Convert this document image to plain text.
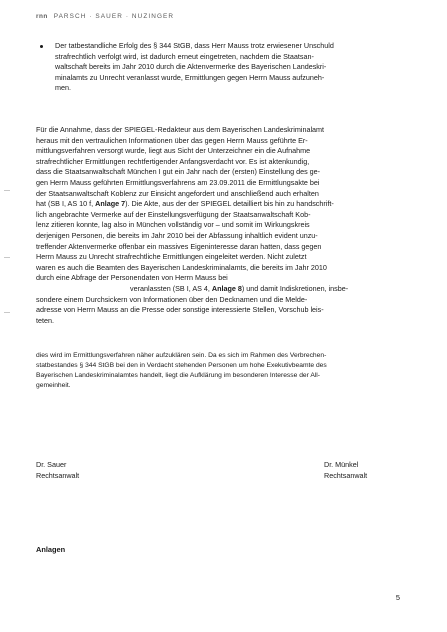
rnn PARSCH · SAUER · NUZINGER
Der tatbestandliche Erfolg des § 344 StGB, dass Herr Mauss trotz erwiesener Unschuld
strafrechtlich verfolgt wird, ist dadurch erneut eingetreten, nachdem die Staatsan-
waltschaft bereits im Jahr 2010 durch die Aktenvermerke des Bayerischen Landeskri-
minalamts zu Unrecht veranlasst wurde, Ermittlungen gegen Herrn Mauss aufzuneh-
men.
Für die Annahme, dass der SPIEGEL-Redakteur aus dem Bayerischen Landeskriminalamt
heraus mit den vertraulichen Informationen über das gegen Herrn Mauss geführte Er-
mittlungsverfahren versorgt wurde, liegt aus Sicht der Unterzeichner ein die Aufnahme
strafrechtlicher Ermittlungen rechtfertigender Anfangsverdacht vor. Es ist aktenkundig,
dass die Staatsanwaltschaft München I gut ein Jahr nach der (ersten) Einstellung des ge-
gen Herrn Mauss geführten Ermittlungsverfahrens am 23.09.2011 die Ermittlungsakte bei
der Staatsanwaltschaft Koblenz zur Einsicht angefordert und anschließend auch erhalten
hat (SB I, AS 10 f, Anlage 7). Die Akte, aus der der SPIEGEL detailliert bis hin zu handschrift-
lich angebrachte Vermerke auf der Einstellungsverfügung der Staatsanwaltschaft Kob-
lenz zitieren konnte, lag also in München vollständig vor – und somit im Wirkungskreis
derjenigen Personen, die bereits im Jahr 2010 bei der Abfassung inhaltlich evident unzu-
treffender Aktenvermerke offenbar ein massives Eigeninteresse daran hatten, dass gegen
Herrn Mauss zu Unrecht strafrechtliche Ermittlungen eingeleitet werden. Nicht zuletzt
waren es auch die Beamten des Bayerischen Landeskriminalamts, die bereits im Jahr 2010
durch eine Abfrage der Personendaten von Herrn Mauss bei
veranlassten (SB I, AS 4, Anlage 8) und damit Indiskretionen, insbe-
sondere einem Durchsickern von Informationen über den Decknamen und die Melde-
adresse von Herrn Mauss an die Presse oder sonstige interessierte Stellen, Vorschub leis-
teten.
dies wird im Ermittlungsverfahren näher aufzuklären sein. Da es sich im Rahmen des Verbrechen-
statbestandes § 344 StGB bei den in Verdacht stehenden Personen um hohe Exekutivbeamte des
Bayerischen Landeskriminalamtes handelt, liegt die Aufklärung im besonderen Interesse der All-
gemeinheit.
Dr. Sauer
Rechtsanwalt
Dr. Münkel
Rechtsanwalt
Anlagen
5
